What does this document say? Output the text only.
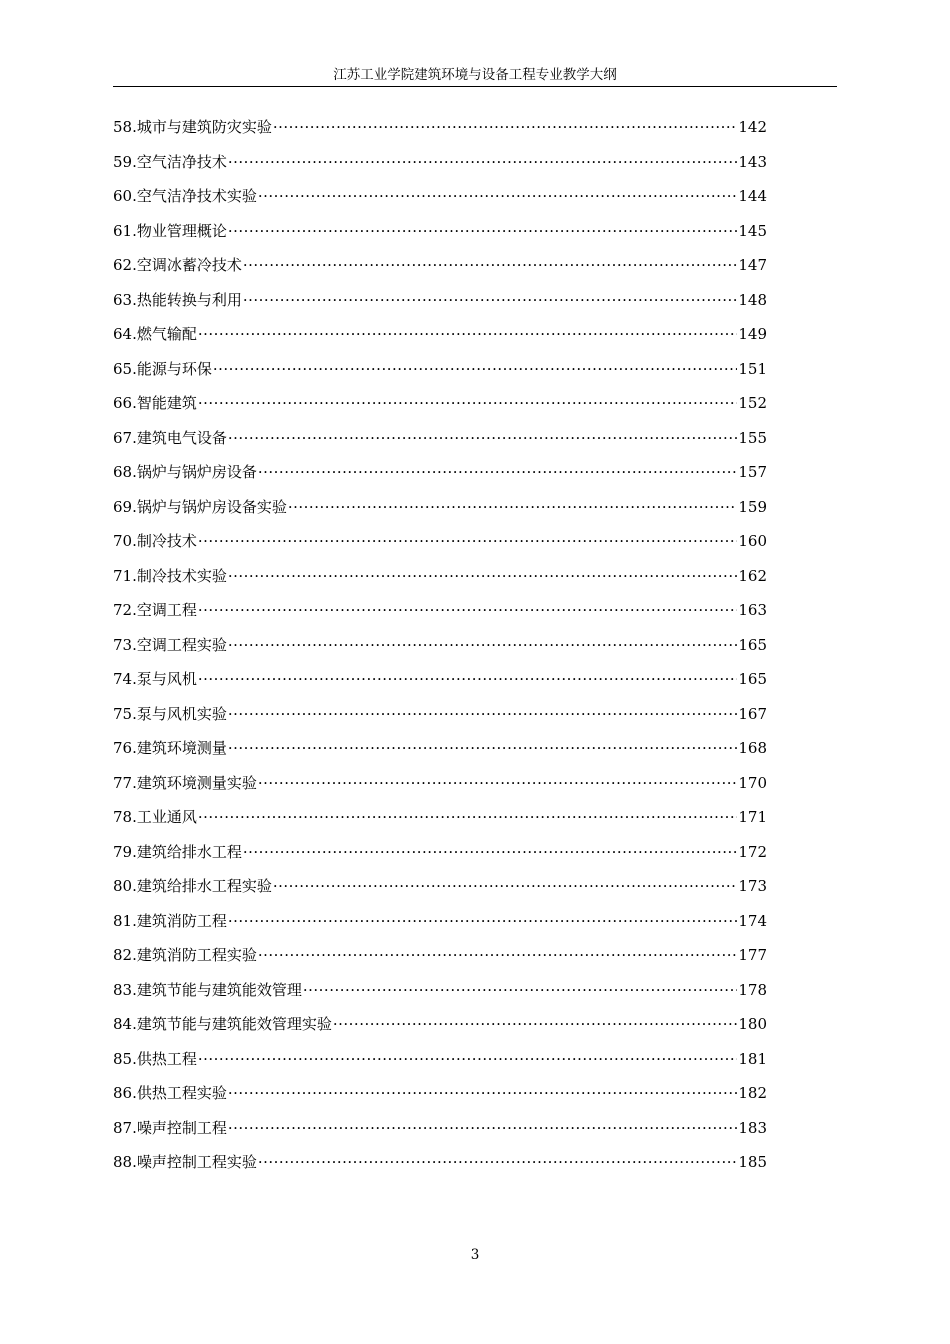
江苏工业学院建筑环境与设备工程专业教学大纲
58.城市与建筑防灾实验 ·····	142
59.空气洁净技术 ·····	143
60.空气洁净技术实验 ·····	144
61.物业管理概论 ·····	145
62.空调冰蓄冷技术 ·····	147
63.热能转换与利用 ·····	148
64.燃气输配 ·····	149
65.能源与环保 ·····	151
66.智能建筑 ·····	152
67.建筑电气设备 ·····	155
68.锅炉与锅炉房设备 ·····	157
69.锅炉与锅炉房设备实验 ·····	159
70.制冷技术 ·····	160
71.制冷技术实验 ·····	162
72.空调工程 ·····	163
73.空调工程实验 ·····	165
74.泵与风机 ·····	165
75.泵与风机实验 ·····	167
76.建筑环境测量 ·····	168
77.建筑环境测量实验 ·····	170
78.工业通风 ·····	171
79.建筑给排水工程 ·····	172
80.建筑给排水工程实验 ·····	173
81.建筑消防工程 ·····	174
82.建筑消防工程实验 ·····	177
83.建筑节能与建筑能效管理 ·····	178
84.建筑节能与建筑能效管理实验 ·····	180
85.供热工程 ·····	181
86.供热工程实验 ·····	182
87.噪声控制工程 ·····	183
88.噪声控制工程实验 ·····	185
3
